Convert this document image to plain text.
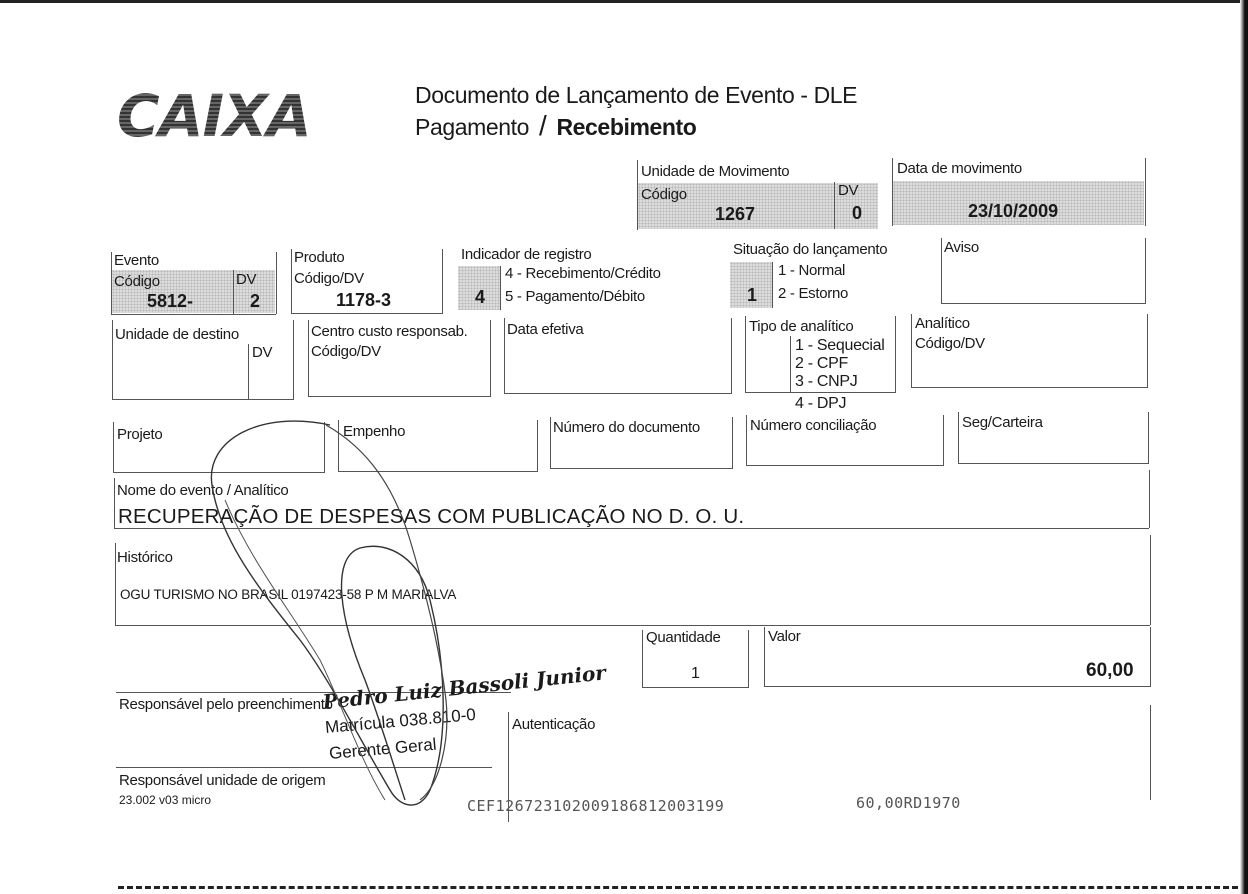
CAIXA	Documento de Lançamento de Evento - DLE
Pagamento / Recebimento
Unidade de Movimento
Código
1267
DV
0
Data de movimento
23/10/2009
Evento
Código
5812-
DV
2
Produto
Código/DV
1178-3
Indicador de registro
4
4 - Recebimento/Crédito
5 - Pagamento/Débito
Situação do lançamento
1
1 - Normal
2 - Estorno
Aviso
Unidade de destino
DV
Centro custo responsab.
Código/DV
Data efetiva	Tipo de analítico
1 - Sequecial
2 - CPF
3 - CNPJ
4 - DPJ
Analítico
Código/DV
Projeto	Empenho	Número do documento	Número conciliação	Seg/Carteira
Nome do evento / Analítico
RECUPERAÇÃO DE DESPESAS COM PUBLICAÇÃO NO D. O. U.
Histórico
OGU TURISMO NO BRASIL 0197423-58 P M MARIALVA
Quantidade
1
Valor
60,00
Responsável pelo preenchimento
Pedro Luiz Bassoli Junior
Matrícula 038.810-0
Gerente Geral
Autenticação
CEF126723102009186812003199	60,00RD1970
Responsável unidade de origem
23.002 v03 micro
